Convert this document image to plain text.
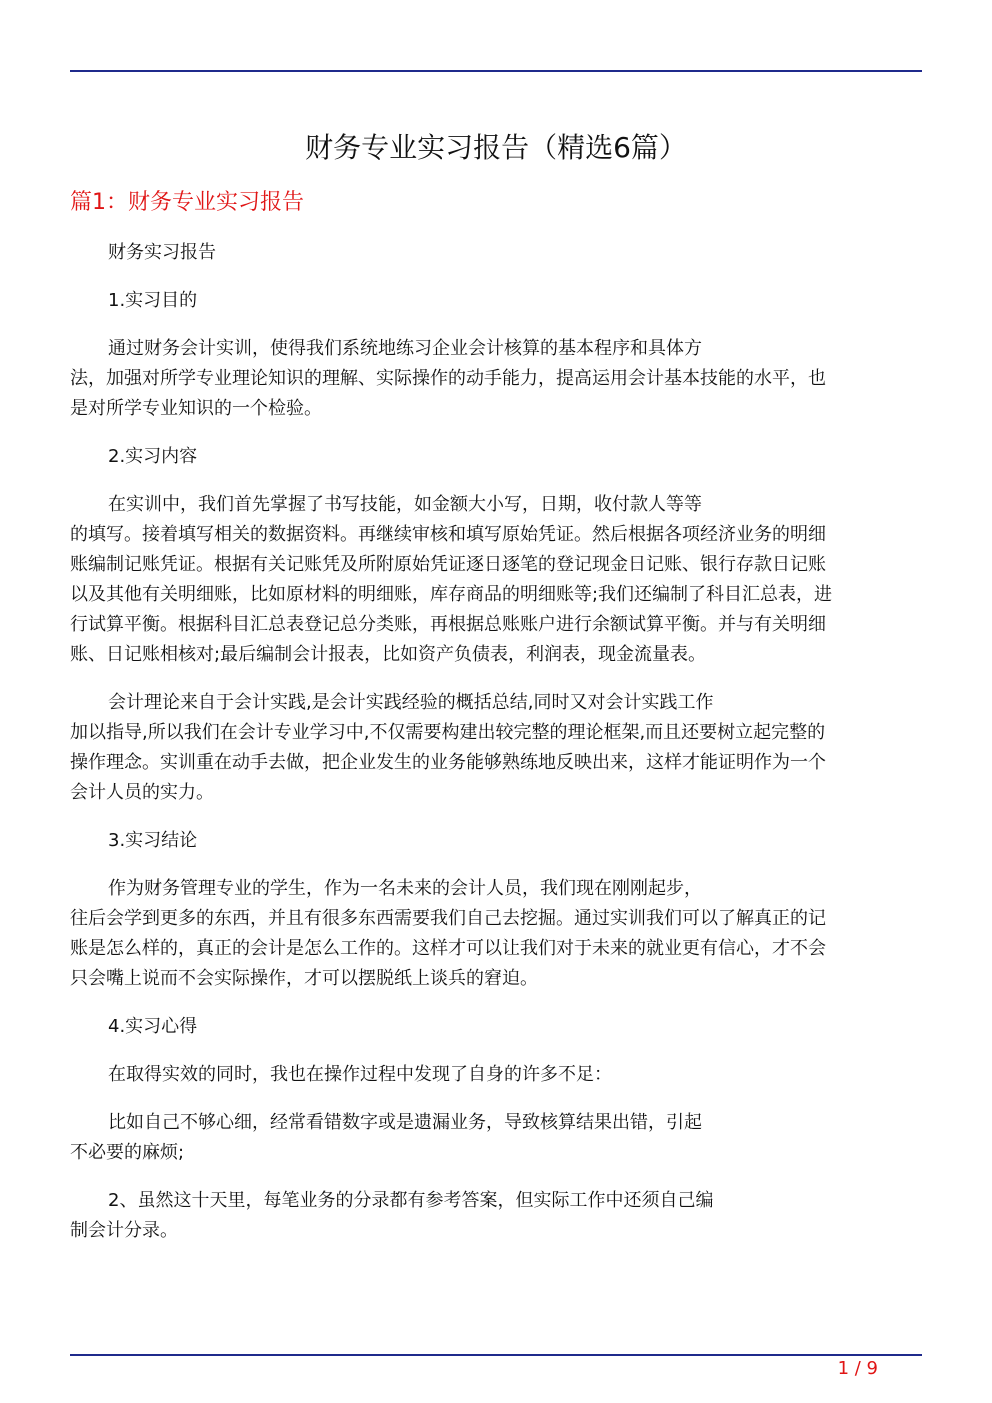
财务专业实习报告（精选6篇）
篇1：财务专业实习报告

财务实习报告

1.实习目的

通过财务会计实训，使得我们系统地练习企业会计核算的基本程序和具体方
法，加强对所学专业理论知识的理解、实际操作的动手能力，提高运用会计基本技能的水平，也
是对所学专业知识的一个检验。

2.实习内容

在实训中，我们首先掌握了书写技能，如金额大小写，日期，收付款人等等
的填写。接着填写相关的数据资料。再继续审核和填写原始凭证。然后根据各项经济业务的明细
账编制记账凭证。根据有关记账凭及所附原始凭证逐日逐笔的登记现金日记账、银行存款日记账
以及其他有关明细账，比如原材料的明细账，库存商品的明细账等;我们还编制了科目汇总表，进
行试算平衡。根据科目汇总表登记总分类账，再根据总账账户进行余额试算平衡。并与有关明细
账、日记账相核对;最后编制会计报表，比如资产负债表，利润表，现金流量表。

会计理论来自于会计实践,是会计实践经验的概括总结,同时又对会计实践工作
加以指导,所以我们在会计专业学习中,不仅需要构建出较完整的理论框架,而且还要树立起完整的
操作理念。实训重在动手去做，把企业发生的业务能够熟练地反映出来，这样才能证明作为一个
会计人员的实力。

3.实习结论

作为财务管理专业的学生，作为一名未来的会计人员，我们现在刚刚起步，
往后会学到更多的东西，并且有很多东西需要我们自己去挖掘。通过实训我们可以了解真正的记
账是怎么样的，真正的会计是怎么工作的。这样才可以让我们对于未来的就业更有信心，才不会
只会嘴上说而不会实际操作，才可以摆脱纸上谈兵的窘迫。

4.实习心得

在取得实效的同时，我也在操作过程中发现了自身的许多不足：

比如自己不够心细，经常看错数字或是遗漏业务，导致核算结果出错，引起
不必要的麻烦;

2、虽然这十天里，每笔业务的分录都有参考答案，但实际工作中还须自己编
制会计分录。

1 / 9
